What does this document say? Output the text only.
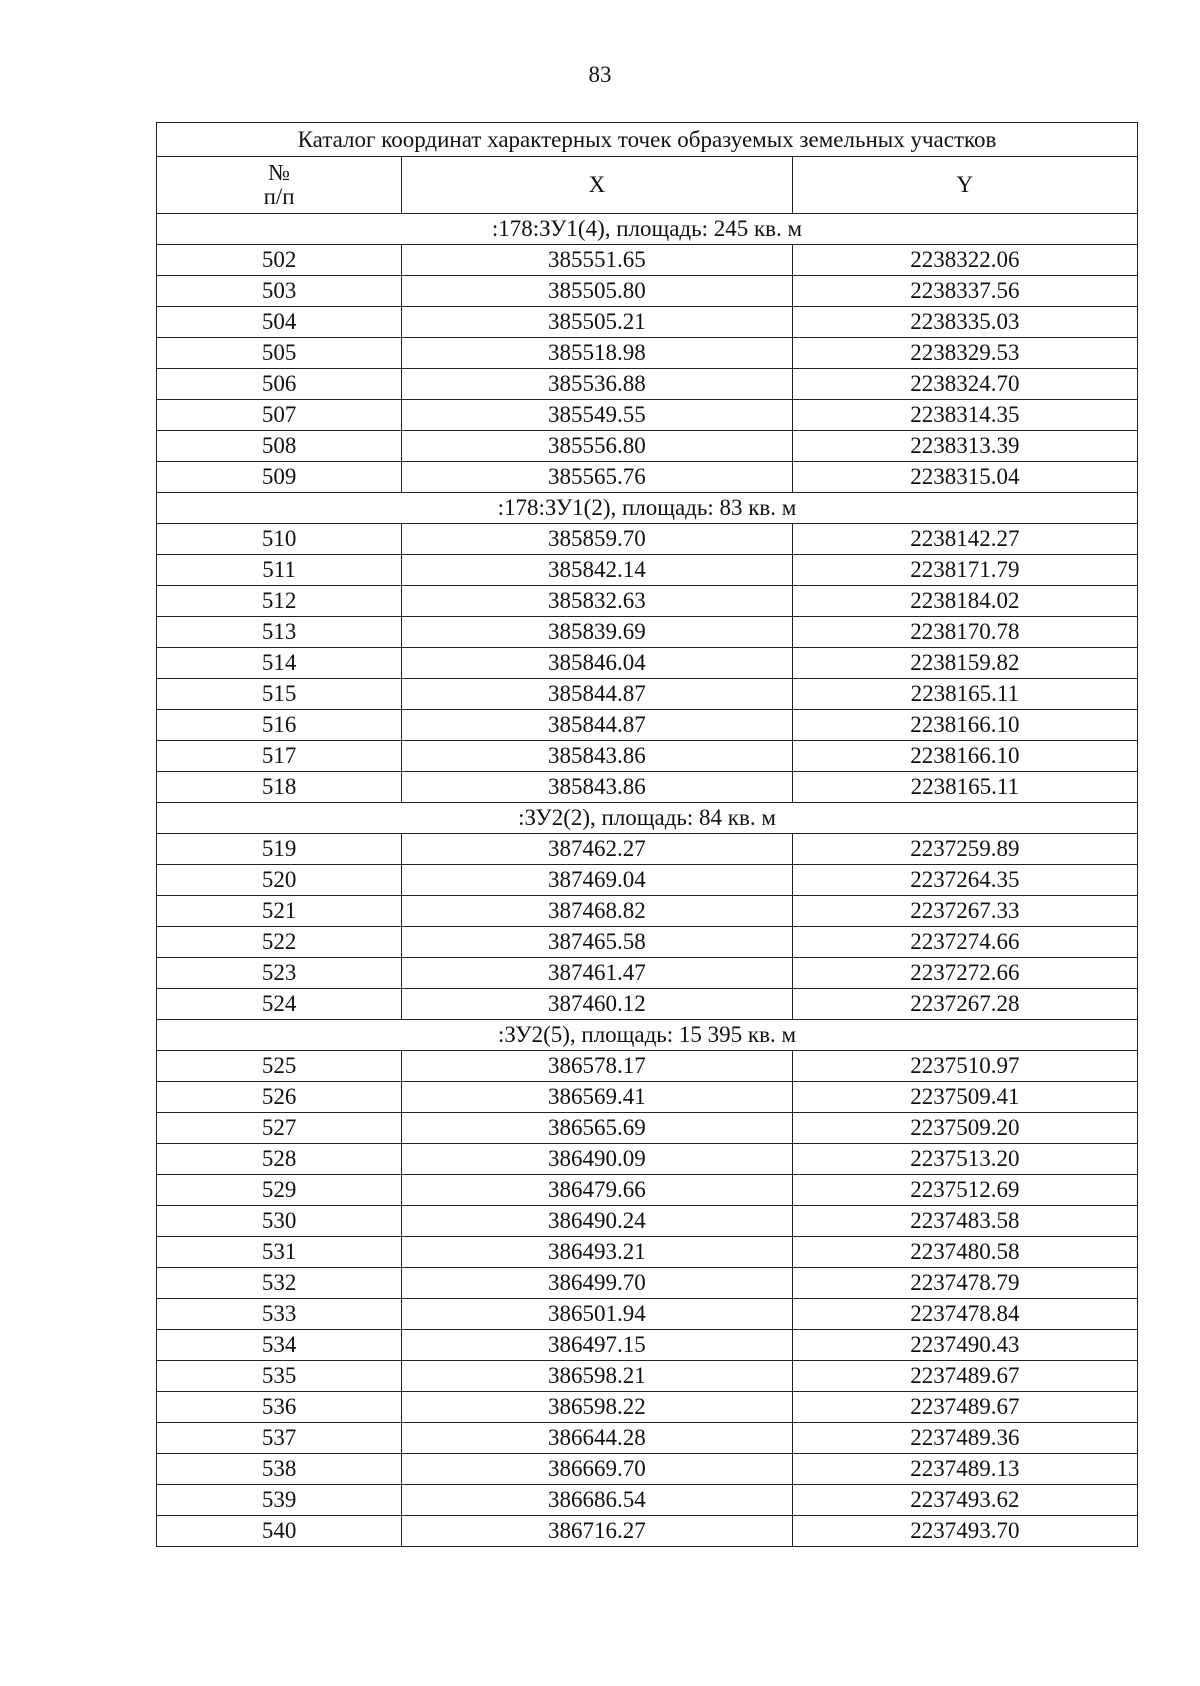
83
Каталог координат характерных точек образуемых земельных участков		
№
п/п	X	Y
:178:ЗУ1(4), площадь: 245 кв. м		
502	385551.65	2238322.06
503	385505.80	2238337.56
504	385505.21	2238335.03
505	385518.98	2238329.53
506	385536.88	2238324.70
507	385549.55	2238314.35
508	385556.80	2238313.39
509	385565.76	2238315.04
:178:ЗУ1(2), площадь: 83 кв. м		
510	385859.70	2238142.27
511	385842.14	2238171.79
512	385832.63	2238184.02
513	385839.69	2238170.78
514	385846.04	2238159.82
515	385844.87	2238165.11
516	385844.87	2238166.10
517	385843.86	2238166.10
518	385843.86	2238165.11
:ЗУ2(2), площадь: 84 кв. м		
519	387462.27	2237259.89
520	387469.04	2237264.35
521	387468.82	2237267.33
522	387465.58	2237274.66
523	387461.47	2237272.66
524	387460.12	2237267.28
:ЗУ2(5), площадь: 15 395 кв. м		
525	386578.17	2237510.97
526	386569.41	2237509.41
527	386565.69	2237509.20
528	386490.09	2237513.20
529	386479.66	2237512.69
530	386490.24	2237483.58
531	386493.21	2237480.58
532	386499.70	2237478.79
533	386501.94	2237478.84
534	386497.15	2237490.43
535	386598.21	2237489.67
536	386598.22	2237489.67
537	386644.28	2237489.36
538	386669.70	2237489.13
539	386686.54	2237493.62
540	386716.27	2237493.70
